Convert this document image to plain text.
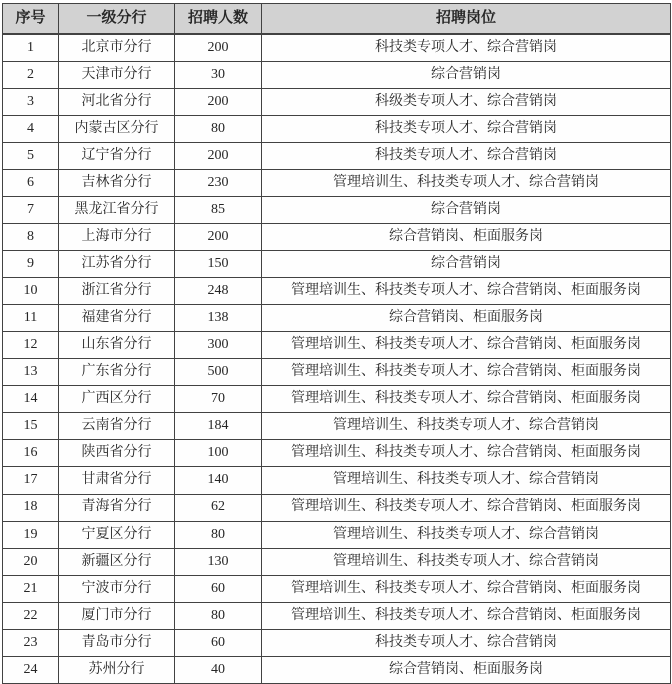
序号	一级分行	招聘人数	招聘岗位
1	北京市分行	200	科技类专项人才、综合营销岗
2	天津市分行	30	综合营销岗
3	河北省分行	200	科级类专项人才、综合营销岗
4	内蒙古区分行	80	科技类专项人才、综合营销岗
5	辽宁省分行	200	科技类专项人才、综合营销岗
6	吉林省分行	230	管理培训生、科技类专项人才、综合营销岗
7	黑龙江省分行	85	综合营销岗
8	上海市分行	200	综合营销岗、柜面服务岗
9	江苏省分行	150	综合营销岗
10	浙江省分行	248	管理培训生、科技类专项人才、综合营销岗、柜面服务岗
11	福建省分行	138	综合营销岗、柜面服务岗
12	山东省分行	300	管理培训生、科技类专项人才、综合营销岗、柜面服务岗
13	广东省分行	500	管理培训生、科技类专项人才、综合营销岗、柜面服务岗
14	广西区分行	70	管理培训生、科技类专项人才、综合营销岗、柜面服务岗
15	云南省分行	184	管理培训生、科技类专项人才、综合营销岗
16	陕西省分行	100	管理培训生、科技类专项人才、综合营销岗、柜面服务岗
17	甘肃省分行	140	管理培训生、科技类专项人才、综合营销岗
18	青海省分行	62	管理培训生、科技类专项人才、综合营销岗、柜面服务岗
19	宁夏区分行	80	管理培训生、科技类专项人才、综合营销岗
20	新疆区分行	130	管理培训生、科技类专项人才、综合营销岗
21	宁波市分行	60	管理培训生、科技类专项人才、综合营销岗、柜面服务岗
22	厦门市分行	80	管理培训生、科技类专项人才、综合营销岗、柜面服务岗
23	青岛市分行	60	科技类专项人才、综合营销岗
24	苏州分行	40	综合营销岗、柜面服务岗
